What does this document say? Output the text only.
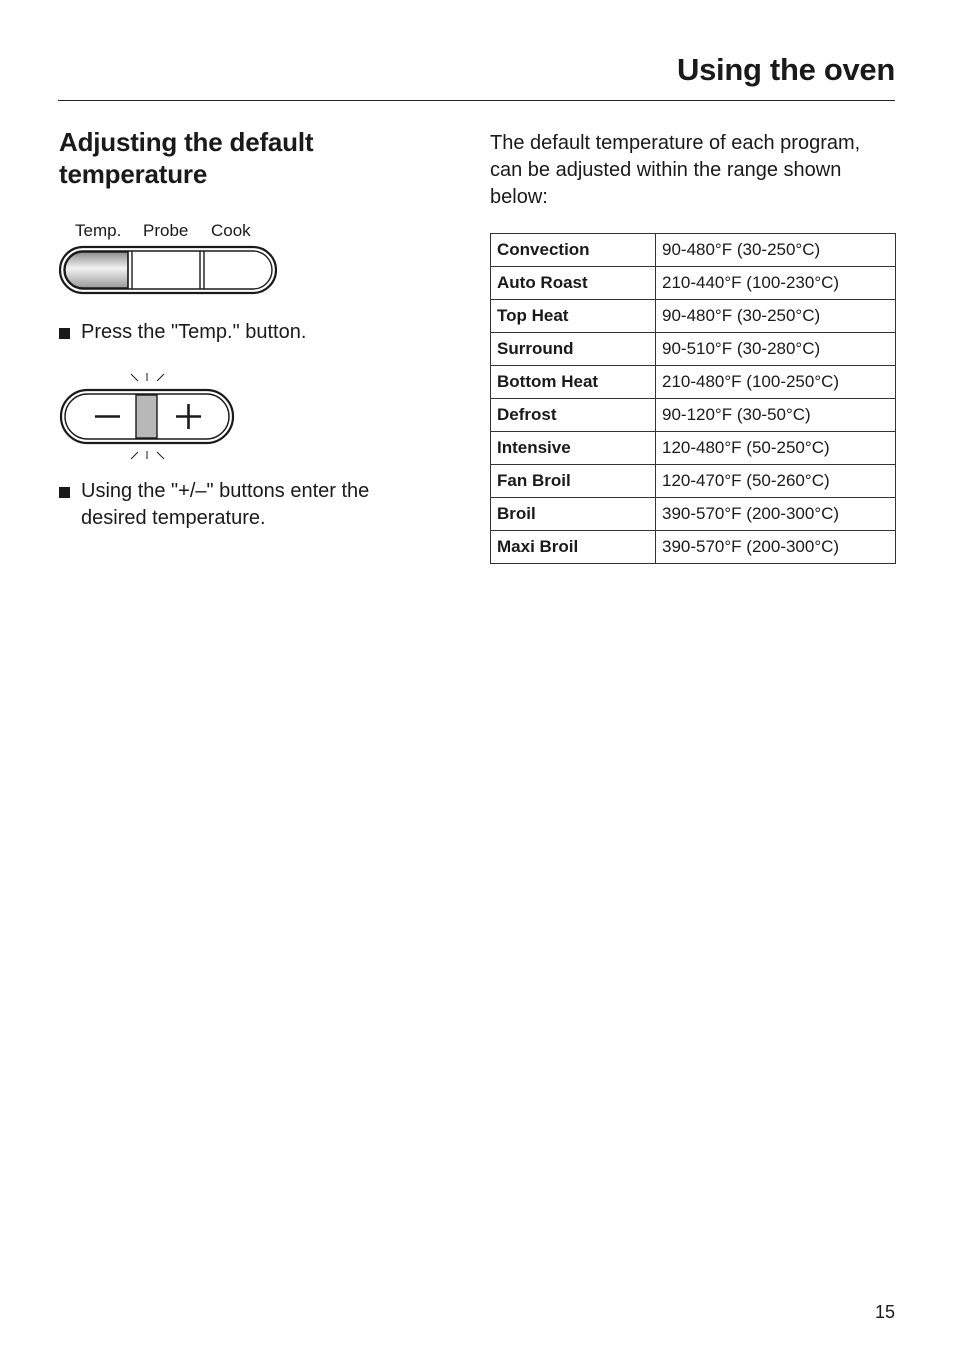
Using the oven
Adjusting the default temperature
Temp. Probe Cook
Press the "Temp." button.
Using the "+/–" buttons enter the desired temperature.
The default temperature of each program, can be adjusted within the range shown below:
Convection	90-480°F (30-250°C)
Auto Roast	210-440°F (100-230°C)
Top Heat	90-480°F (30-250°C)
Surround	90-510°F (30-280°C)
Bottom Heat	210-480°F (100-250°C)
Defrost	90-120°F (30-50°C)
Intensive	120-480°F (50-250°C)
Fan Broil	120-470°F (50-260°C)
Broil	390-570°F (200-300°C)
Maxi Broil	390-570°F (200-300°C)
15
